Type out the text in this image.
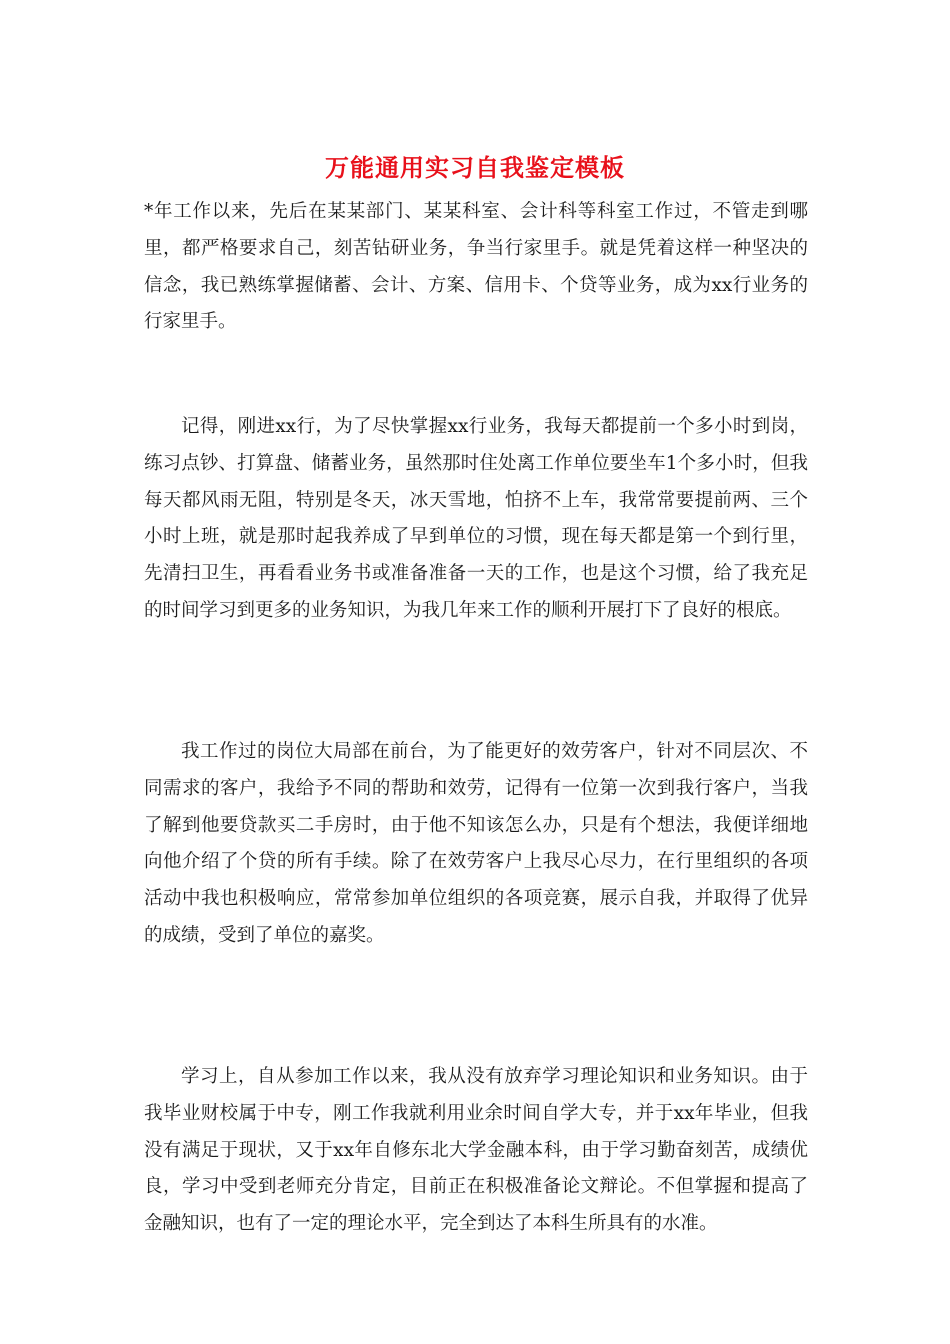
万能通用实习自我鉴定模板

*年工作以来，先后在某某部门、某某科室、会计科等科室工作过，不管走到哪里，都严格要求自己，刻苦钻研业务，争当行家里手。就是凭着这样一种坚决的信念，我已熟练掌握储蓄、会计、方案、信用卡、个贷等业务，成为xx行业务的行家里手。

记得，刚进xx行，为了尽快掌握xx行业务，我每天都提前一个多小时到岗，练习点钞、打算盘、储蓄业务，虽然那时住处离工作单位要坐车1个多小时，但我每天都风雨无阻，特别是冬天，冰天雪地，怕挤不上车，我常常要提前两、三个小时上班，就是那时起我养成了早到单位的习惯，现在每天都是第一个到行里，先清扫卫生，再看看业务书或准备准备一天的工作，也是这个习惯，给了我充足的时间学习到更多的业务知识，为我几年来工作的顺利开展打下了良好的根底。

我工作过的岗位大局部在前台，为了能更好的效劳客户，针对不同层次、不同需求的客户，我给予不同的帮助和效劳，记得有一位第一次到我行客户，当我了解到他要贷款买二手房时，由于他不知该怎么办，只是有个想法，我便详细地向他介绍了个贷的所有手续。除了在效劳客户上我尽心尽力，在行里组织的各项活动中我也积极响应，常常参加单位组织的各项竞赛，展示自我，并取得了优异的成绩，受到了单位的嘉奖。

学习上，自从参加工作以来，我从没有放弃学习理论知识和业务知识。由于我毕业财校属于中专，刚工作我就利用业余时间自学大专，并于xx年毕业，但我没有满足于现状，又于xx年自修东北大学金融本科，由于学习勤奋刻苦，成绩优良，学习中受到老师充分肯定，目前正在积极准备论文辩论。不但掌握和提高了金融知识，也有了一定的理论水平，完全到达了本科生所具有的水准。
